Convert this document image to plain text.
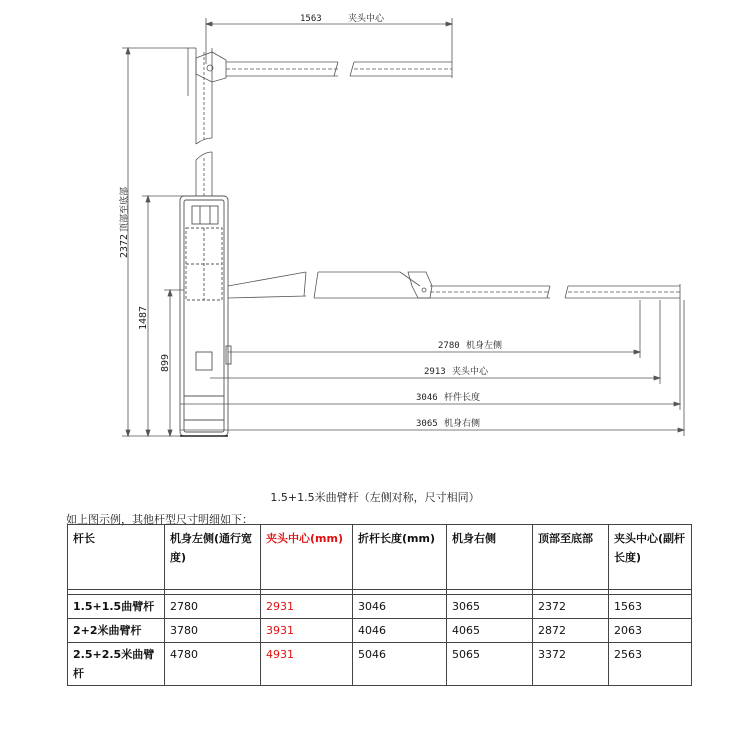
1563	夹头中心
2372
顶部至底部
1487
899
2780 机身左侧
2913 夹头中心
3046 杆件长度
3065 机身右侧
1.5+1.5米曲臂杆（左侧对称，尺寸相同）
如上图示例，其他杆型尺寸明细如下：
杆长	机身左侧(通行宽度)	夹头中心(mm)	折杆长度(mm)	机身右侧	顶部至底部	夹头中心(副杆长度)

1.5+1.5曲臂杆	2780	2931	3046	3065	2372	1563
2+2米曲臂杆	3780	3931	4046	4065	2872	2063
2.5+2.5米曲臂杆	4780	4931	5046	5065	3372	2563
